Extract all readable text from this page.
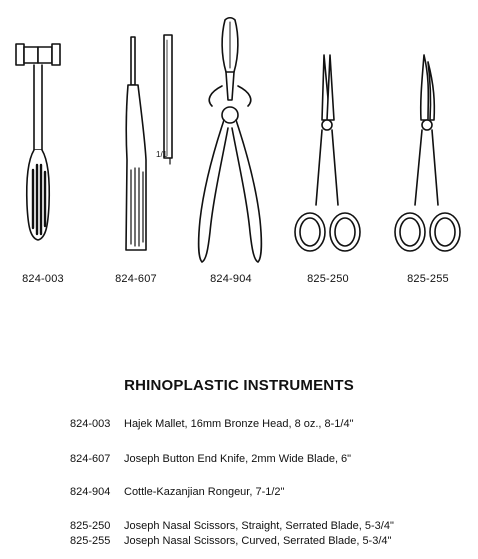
1/1
824-003	824-607	824-904	825-250	825-255
RHINOPLASTIC INSTRUMENTS
824-003 Hajek Mallet, 16mm Bronze Head, 8 oz., 8-1/4"
824-607 Joseph Button End Knife, 2mm Wide Blade, 6"
824-904 Cottle-Kazanjian Rongeur, 7-1/2"
825-250 Joseph Nasal Scissors, Straight, Serrated Blade, 5-3/4"
825-255 Joseph Nasal Scissors, Curved, Serrated Blade, 5-3/4"
